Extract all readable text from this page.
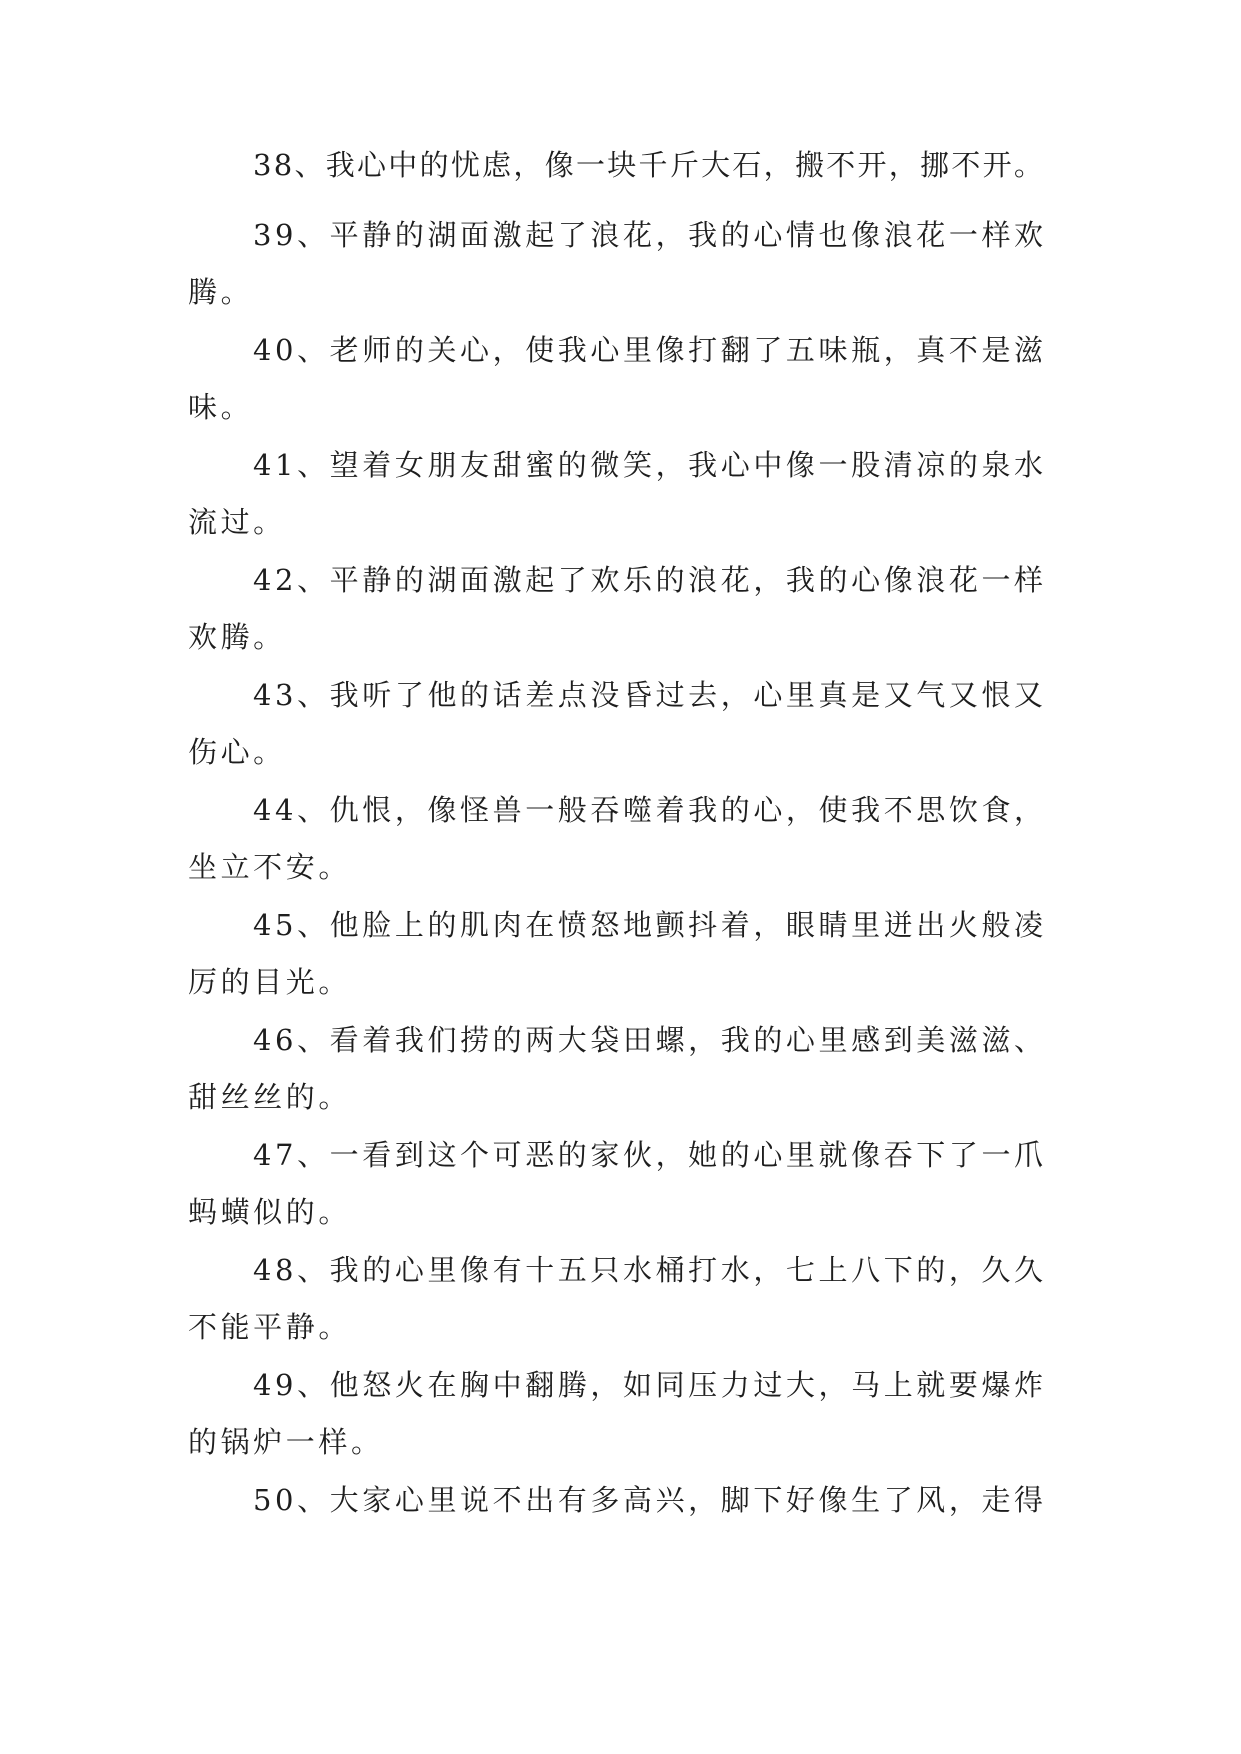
38、我心中的忧虑，像一块千斤大石，搬不开，挪不开。
39、平静的湖面激起了浪花，我的心情也像浪花一样欢
腾。
40、老师的关心，使我心里像打翻了五味瓶，真不是滋
味。
41、望着女朋友甜蜜的微笑，我心中像一股清凉的泉水
流过。
42、平静的湖面激起了欢乐的浪花，我的心像浪花一样
欢腾。
43、我听了他的话差点没昏过去，心里真是又气又恨又
伤心。
44、仇恨，像怪兽一般吞噬着我的心，使我不思饮食，
坐立不安。
45、他脸上的肌肉在愤怒地颤抖着，眼睛里迸出火般凌
厉的目光。
46、看着我们捞的两大袋田螺，我的心里感到美滋滋、
甜丝丝的。
47、一看到这个可恶的家伙，她的心里就像吞下了一爪
蚂蟥似的。
48、我的心里像有十五只水桶打水，七上八下的，久久
不能平静。
49、他怒火在胸中翻腾，如同压力过大，马上就要爆炸
的锅炉一样。
50、大家心里说不出有多高兴，脚下好像生了风，走得
